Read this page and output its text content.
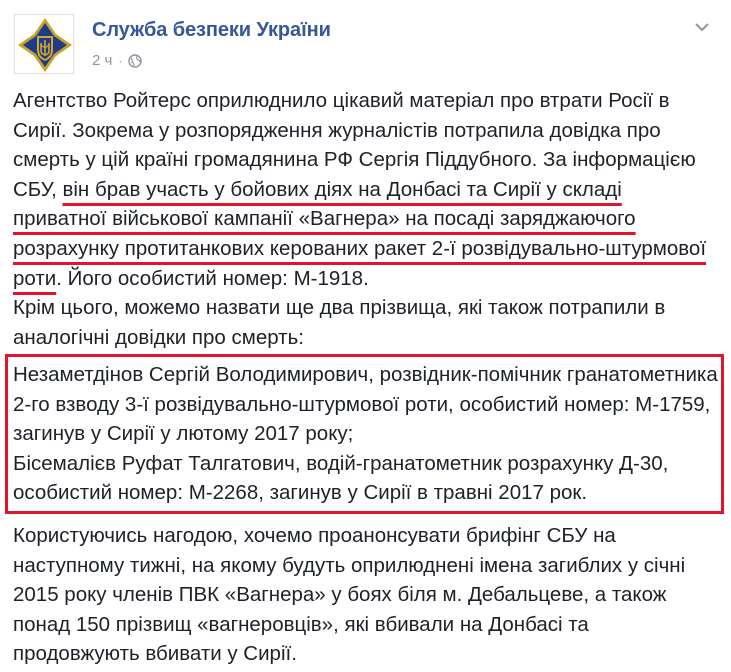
Служба безпеки України
2 ч ·

Агентство Ройтерс оприлюднило цікавий матеріал про втрати Росії в Сирії. Зокрема у розпорядження журналістів потрапила довідка про смерть у цій країні громадянина РФ Сергія Піддубного. За інформацією СБУ, він брав участь у бойових діях на Донбасі та Сирії у складі приватної військової кампанії «Вагнера» на посаді заряджаючого розрахунку протитанкових керованих ракет 2-ї розвідувально-штурмової роти. Його особистий номер: М-1918.

Крім цього, можемо назвати ще два прізвища, які також потрапили в аналогічні довідки про смерть:

Незаметдінов Сергій Володимирович, розвідник-помічник гранатометника 2-го взводу 3-ї розвідувально-штурмової роти, особистий номер: М-1759, загинув у Сирії у лютому 2017 року;

Бісемалієв Руфат Талгатович, водій-гранатометник розрахунку Д-30, особистий номер: М-2268, загинув у Сирії в травні 2017 рок.

Користуючись нагодою, хочемо проанонсувати брифінг СБУ на наступному тижні, на якому будуть оприлюднені імена загиблих у січні 2015 року членів ПВК «Вагнера» у боях біля м. Дебальцеве, а також понад 150 прізвищ «вагнеровців», які вбивали на Донбасі та продовжують вбивати у Сирії.
